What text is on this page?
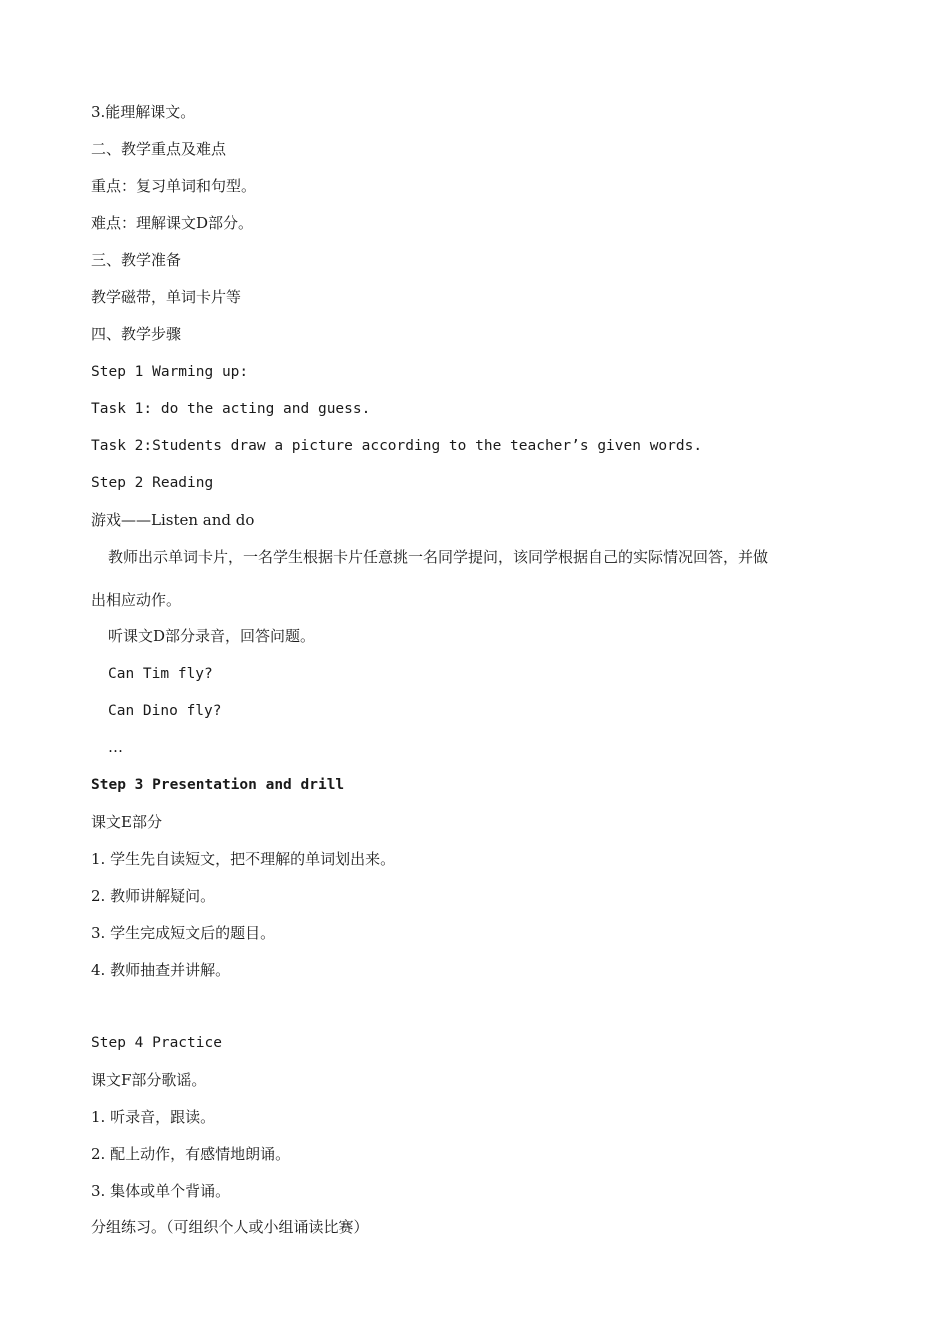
3.能理解课文。
二、教学重点及难点
重点：复习单词和句型。
难点：理解课文D部分。
三、教学准备
教学磁带，单词卡片等
四、教学步骤
Step 1 Warming up:
Task 1: do the acting and guess.
Task 2:Students draw a picture according to the teacher’s given words.
Step 2 Reading
游戏——Listen and do
教师出示单词卡片，一名学生根据卡片任意挑一名同学提问，该同学根据自己的实际情况回答，并做
出相应动作。
听课文D部分录音，回答问题。
Can Tim fly?
Can Dino fly?
…
Step 3 Presentation and drill
课文E部分
1. 学生先自读短文，把不理解的单词划出来。
2. 教师讲解疑问。
3. 学生完成短文后的题目。
4. 教师抽查并讲解。
Step 4 Practice
课文F部分歌谣。
1. 听录音，跟读。
2. 配上动作，有感情地朗诵。
3. 集体或单个背诵。
分组练习。（可组织个人或小组诵读比赛）
